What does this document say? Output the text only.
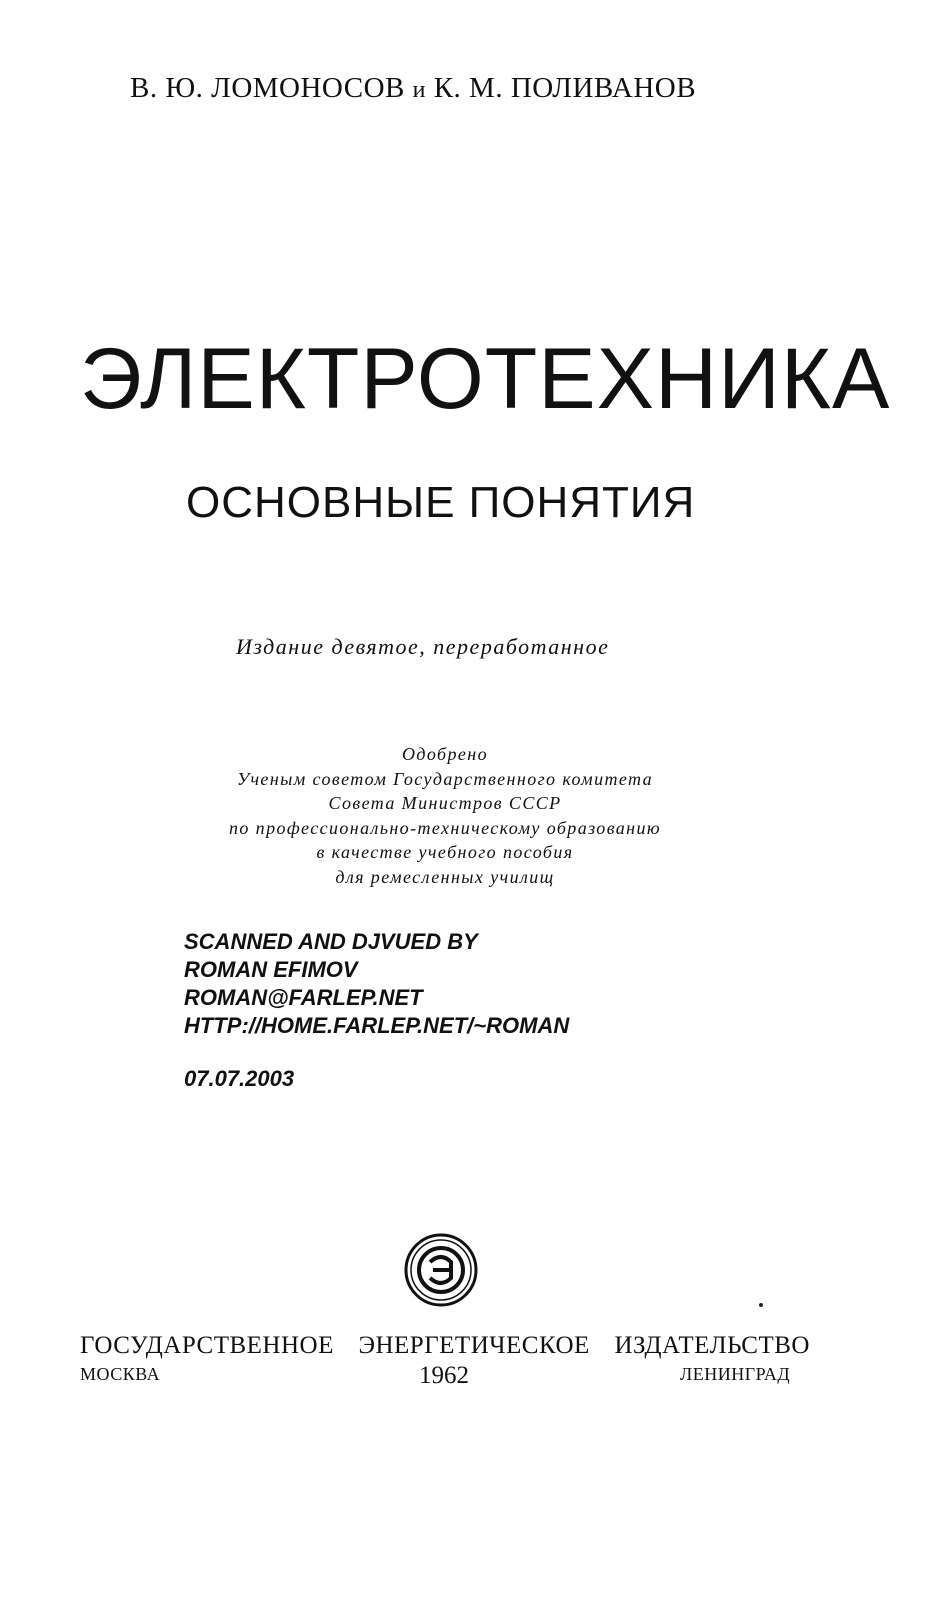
В. Ю. ЛОМОНОСОВ и К. М. ПОЛИВАНОВ
ЭЛЕКТРОТЕХНИКА
ОСНОВНЫЕ ПОНЯТИЯ
Издание девятое, переработанное
Одобрено
Ученым советом Государственного комитета
Совета Министров СССР
по профессионально-техническому образованию
в качестве учебного пособия
для ремесленных училищ
SCANNED AND DJVUED BY
ROMAN EFIMOV
ROMAN@FARLEP.NET
HTTP://HOME.FARLEP.NET/~ROMAN
07.07.2003
ГОСУДАРСТВЕННОЕ ЭНЕРГЕТИЧЕСКОЕ ИЗДАТЕЛЬСТВО
МОСКВА	1962	ЛЕНИНГРАД
